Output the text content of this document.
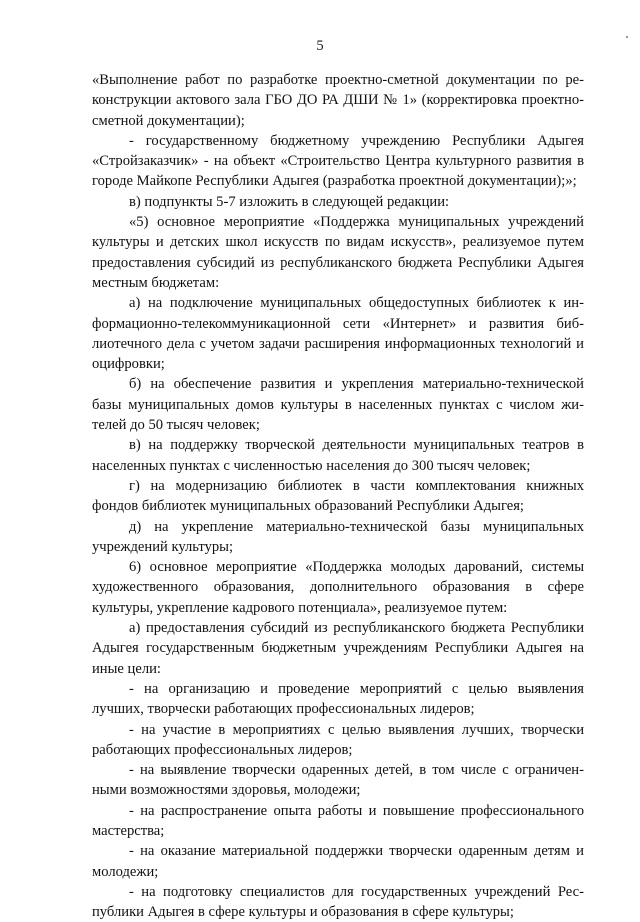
5

«Выполнение работ по разработке проектно-сметной документации по реконструкции актового зала ГБО ДО РА ДШИ № 1» (корректировка проектно-сметной документации);

- государственному бюджетному учреждению Республики Адыгея «Стройзаказчик» - на объект «Строительство Центра культурного развития в городе Майкопе Республики Адыгея (разработка проектной документации);»;

в) подпункты 5-7 изложить в следующей редакции:

«5) основное мероприятие «Поддержка муниципальных учреждений культуры и детских школ искусств по видам искусств», реализуемое путем предоставления субсидий из республиканского бюджета Республики Адыгея местным бюджетам:

а) на подключение муниципальных общедоступных библиотек к информационно-телекоммуникационной сети «Интернет» и развития библиотечного дела с учетом задачи расширения информационных технологий и оцифровки;

б) на обеспечение развития и укрепления материально-технической базы муниципальных домов культуры в населенных пунктах с числом жителей до 50 тысяч человек;

в) на поддержку творческой деятельности муниципальных театров в населенных пунктах с численностью населения до 300 тысяч человек;

г) на модернизацию библиотек в части комплектования книжных фондов библиотек муниципальных образований Республики Адыгея;

д) на укрепление материально-технической базы муниципальных учреждений культуры;

6) основное мероприятие «Поддержка молодых дарований, системы художественного образования, дополнительного образования в сфере культуры, укрепление кадрового потенциала», реализуемое путем:

а) предоставления субсидий из республиканского бюджета Республики Адыгея государственным бюджетным учреждениям Республики Адыгея на иные цели:

- на организацию и проведение мероприятий с целью выявления лучших, творчески работающих профессиональных лидеров;

- на участие в мероприятиях с целью выявления лучших, творчески работающих профессиональных лидеров;

- на выявление творчески одаренных детей, в том числе с ограниченными возможностями здоровья, молодежи;

- на распространение опыта работы и повышение профессионального мастерства;

- на оказание материальной поддержки творчески одаренным детям и молодежи;

- на подготовку специалистов для государственных учреждений Республики Адыгея в сфере культуры и образования в сфере культуры;
